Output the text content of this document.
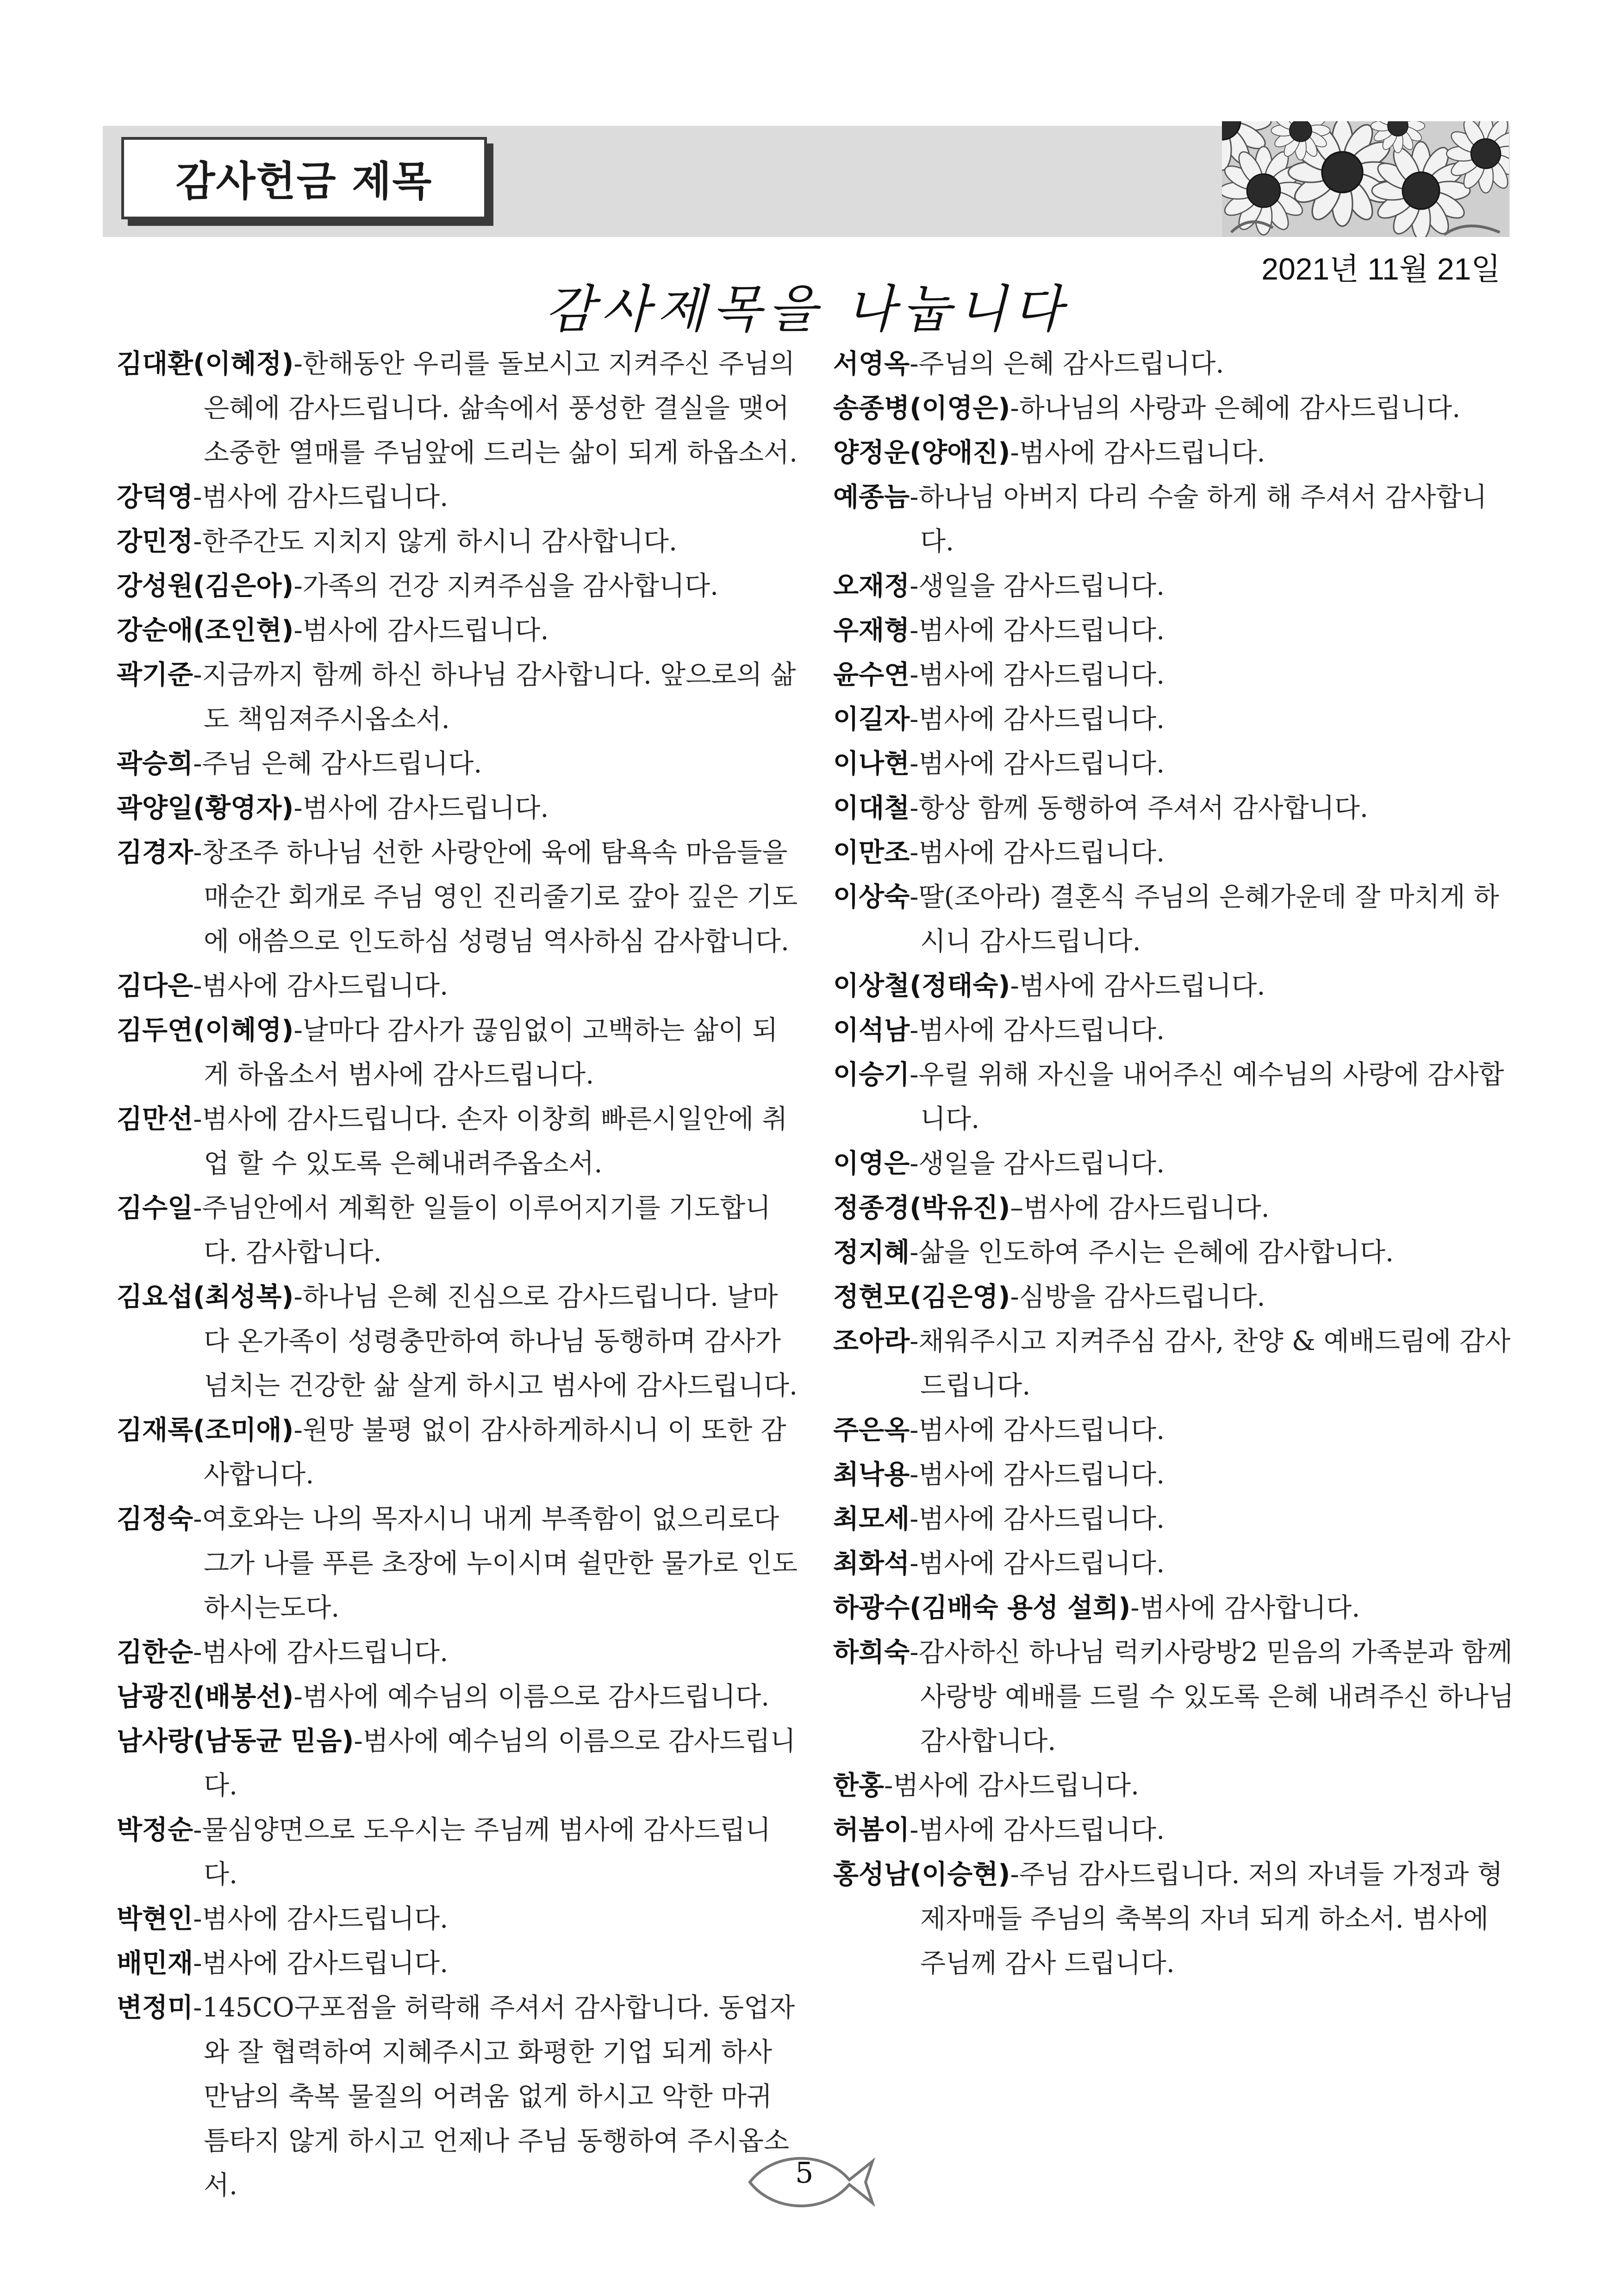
감사헌금 제목
2021년 11월 21일
감사제목을 나눕니다
김대환(이혜정)-한해동안 우리를 돌보시고 지켜주신 주님의 은혜에 감사드립니다. 삶속에서 풍성한 결실을 맺어 소중한 열매를 주님앞에 드리는 삶이 되게 하옵소서.
강덕영-범사에 감사드립니다.
강민정-한주간도 지치지 않게 하시니 감사합니다.
강성원(김은아)-가족의 건강 지켜주심을 감사합니다.
강순애(조인현)-범사에 감사드립니다.
곽기준-지금까지 함께 하신 하나님 감사합니다. 앞으로의 삶도 책임져주시옵소서.
곽승희-주님 은혜 감사드립니다.
곽양일(황영자)-범사에 감사드립니다.
김경자-창조주 하나님 선한 사랑안에 육에 탐욕속 마음들을 매순간 회개로 주님 영인 진리줄기로 갚아 깊은 기도에 애씀으로 인도하심 성령님 역사하심 감사합니다.
김다은-범사에 감사드립니다.
김두연(이혜영)-날마다 감사가 끊임없이 고백하는 삶이 되게 하옵소서 범사에 감사드립니다.
김만선-범사에 감사드립니다. 손자 이창희 빠른시일안에 취업 할 수 있도록 은혜내려주옵소서.
김수일-주님안에서 계획한 일들이 이루어지기를 기도합니다. 감사합니다.
김요섭(최성복)-하나님 은혜 진심으로 감사드립니다. 날마다 온가족이 성령충만하여 하나님 동행하며 감사가 넘치는 건강한 삶 살게 하시고 범사에 감사드립니다.
김재록(조미애)-원망 불평 없이 감사하게하시니 이 또한 감사합니다.
김정숙-여호와는 나의 목자시니 내게 부족함이 없으리로다 그가 나를 푸른 초장에 누이시며 쉴만한 물가로 인도하시는도다.
김한순-범사에 감사드립니다.
남광진(배봉선)-범사에 예수님의 이름으로 감사드립니다.
남사랑(남동균 믿음)-범사에 예수님의 이름으로 감사드립니다.
박정순-물심양면으로 도우시는 주님께 범사에 감사드립니다.
박현인-범사에 감사드립니다.
배민재-범사에 감사드립니다.
변정미-145CO구포점을 허락해 주셔서 감사합니다. 동업자와 잘 협력하여 지혜주시고 화평한 기업 되게 하사 만남의 축복 물질의 어려움 없게 하시고 악한 마귀 틈타지 않게 하시고 언제나 주님 동행하여 주시옵소서.
서영옥-주님의 은혜 감사드립니다.
송종병(이영은)-하나님의 사랑과 은혜에 감사드립니다.
양정운(양애진)-범사에 감사드립니다.
예종늠-하나님 아버지 다리 수술 하게 해 주셔서 감사합니다.
오재정-생일을 감사드립니다.
우재형-범사에 감사드립니다.
윤수연-범사에 감사드립니다.
이길자-범사에 감사드립니다.
이나현-범사에 감사드립니다.
이대철-항상 함께 동행하여 주셔서 감사합니다.
이만조-범사에 감사드립니다.
이상숙-딸(조아라) 결혼식 주님의 은혜가운데 잘 마치게 하시니 감사드립니다.
이상철(정태숙)-범사에 감사드립니다.
이석남-범사에 감사드립니다.
이승기-우릴 위해 자신을 내어주신 예수님의 사랑에 감사합니다.
이영은-생일을 감사드립니다.
정종경(박유진)–범사에 감사드립니다.
정지혜-삶을 인도하여 주시는 은혜에 감사합니다.
정현모(김은영)-심방을 감사드립니다.
조아라-채워주시고 지켜주심 감사, 찬양 & 예배드림에 감사드립니다.
주은옥-범사에 감사드립니다.
최낙용-범사에 감사드립니다.
최모세-범사에 감사드립니다.
최화석-범사에 감사드립니다.
하광수(김배숙 용성 설희)-범사에 감사합니다.
하희숙-감사하신 하나님 럭키사랑방2 믿음의 가족분과 함께 사랑방 예배를 드릴 수 있도록 은혜 내려주신 하나님 감사합니다.
한홍-범사에 감사드립니다.
허봄이-범사에 감사드립니다.
홍성남(이승현)-주님 감사드립니다. 저의 자녀들 가정과 형제자매들 주님의 축복의 자녀 되게 하소서. 범사에 주님께 감사 드립니다.
5
